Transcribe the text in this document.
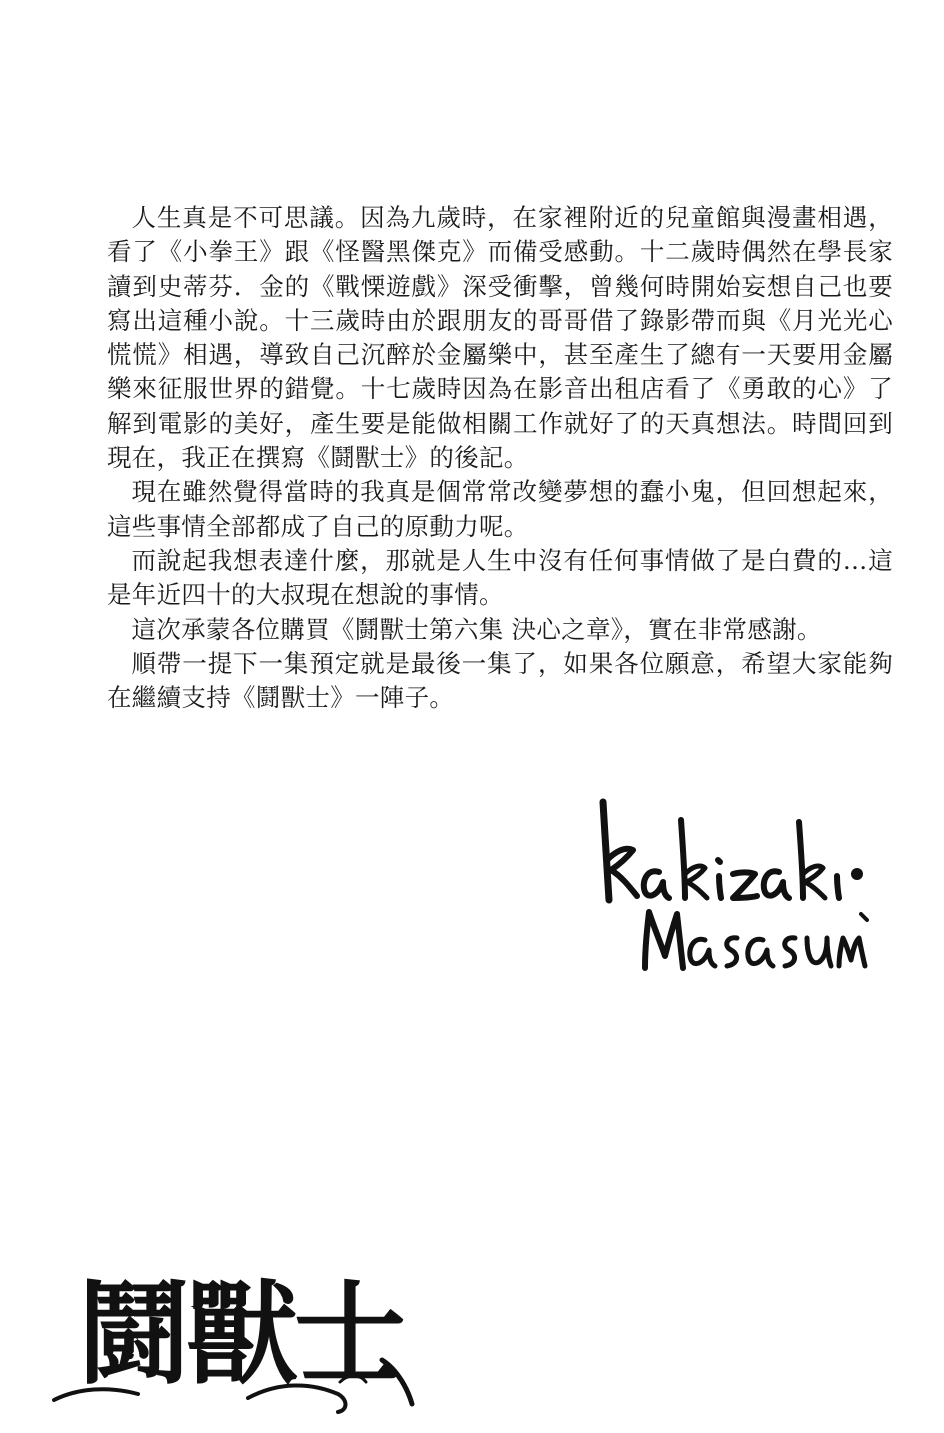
人生真是不可思議。因為九歲時，在家裡附近的兒童館與漫畫相遇，看了《小拳王》跟《怪醫黑傑克》而備受感動。十二歲時偶然在學長家讀到史蒂芬．金的《戰慄遊戲》深受衝擊，曾幾何時開始妄想自己也要寫出這種小說。十三歲時由於跟朋友的哥哥借了錄影帶而與《月光光心慌慌》相遇，導致自己沉醉於金屬樂中，甚至產生了總有一天要用金屬樂來征服世界的錯覺。十七歲時因為在影音出租店看了《勇敢的心》了解到電影的美好，產生要是能做相關工作就好了的天真想法。時間回到現在，我正在撰寫《鬪獸士》的後記。

現在雖然覺得當時的我真是個常常改變夢想的蠢小鬼，但回想起來，這些事情全部都成了自己的原動力呢。

而說起我想表達什麼，那就是人生中沒有任何事情做了是白費的…這是年近四十的大叔現在想說的事情。

這次承蒙各位購買《鬪獸士第六集 決心之章》，實在非常感謝。

順帶一提下一集預定就是最後一集了，如果各位願意，希望大家能夠在繼續支持《鬪獸士》一陣子。

鬪獸士
